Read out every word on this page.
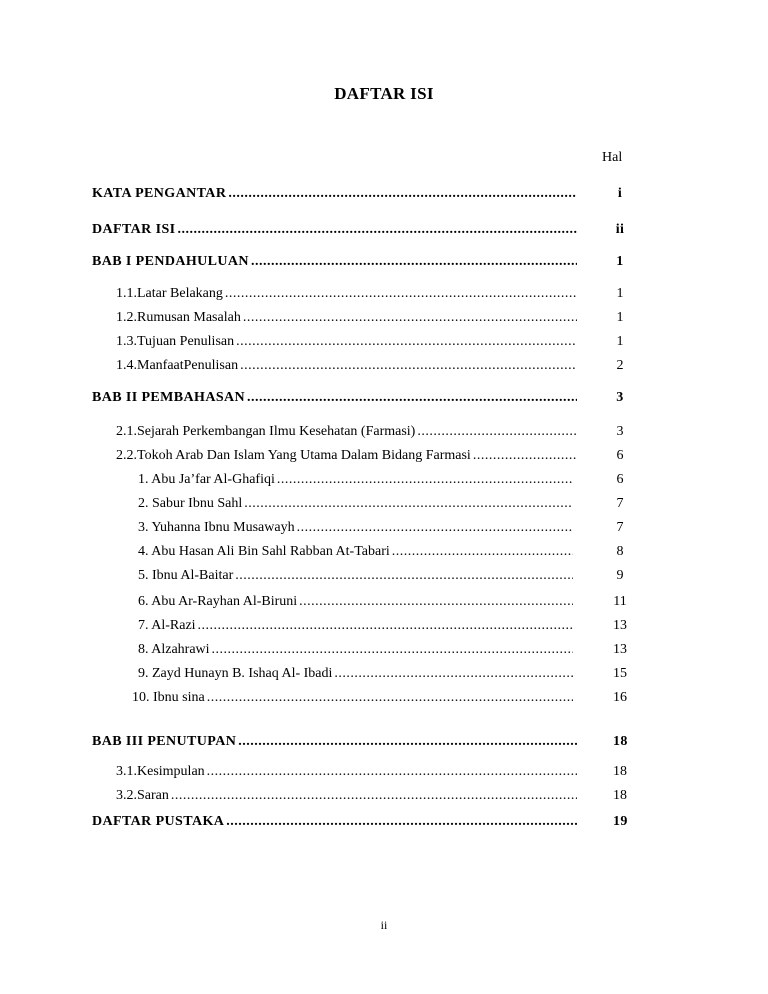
DAFTAR ISI
Hal
KATA PENGANTAR .....	i
DAFTAR ISI .....	ii
BAB I PENDAHULUAN .....	1
1.1.Latar Belakang .....	1
1.2.Rumusan Masalah .....	1
1.3.Tujuan Penulisan .....	1
1.4.ManfaatPenulisan .....	2
BAB II PEMBAHASAN .....	3
2.1.Sejarah Perkembangan Ilmu Kesehatan (Farmasi) .....	3
2.2.Tokoh Arab Dan Islam Yang Utama Dalam Bidang Farmasi .....	6
1. Abu Ja’far Al-Ghafiqi .....	6
2. Sabur Ibnu Sahl .....	7
3. Yuhanna Ibnu Musawayh .....	7
4. Abu Hasan Ali Bin Sahl Rabban At-Tabari .....	8
5. Ibnu Al-Baitar .....	9
6. Abu Ar-Rayhan Al-Biruni .....	11
7. Al-Razi .....	13
8. Alzahrawi .....	13
9. Zayd Hunayn B. Ishaq Al- Ibadi .....	15
10. Ibnu sina .....	16
BAB III PENUTUPAN .....	18
3.1.Kesimpulan .....	18
3.2.Saran .....	18
DAFTAR PUSTAKA .....	19
ii
